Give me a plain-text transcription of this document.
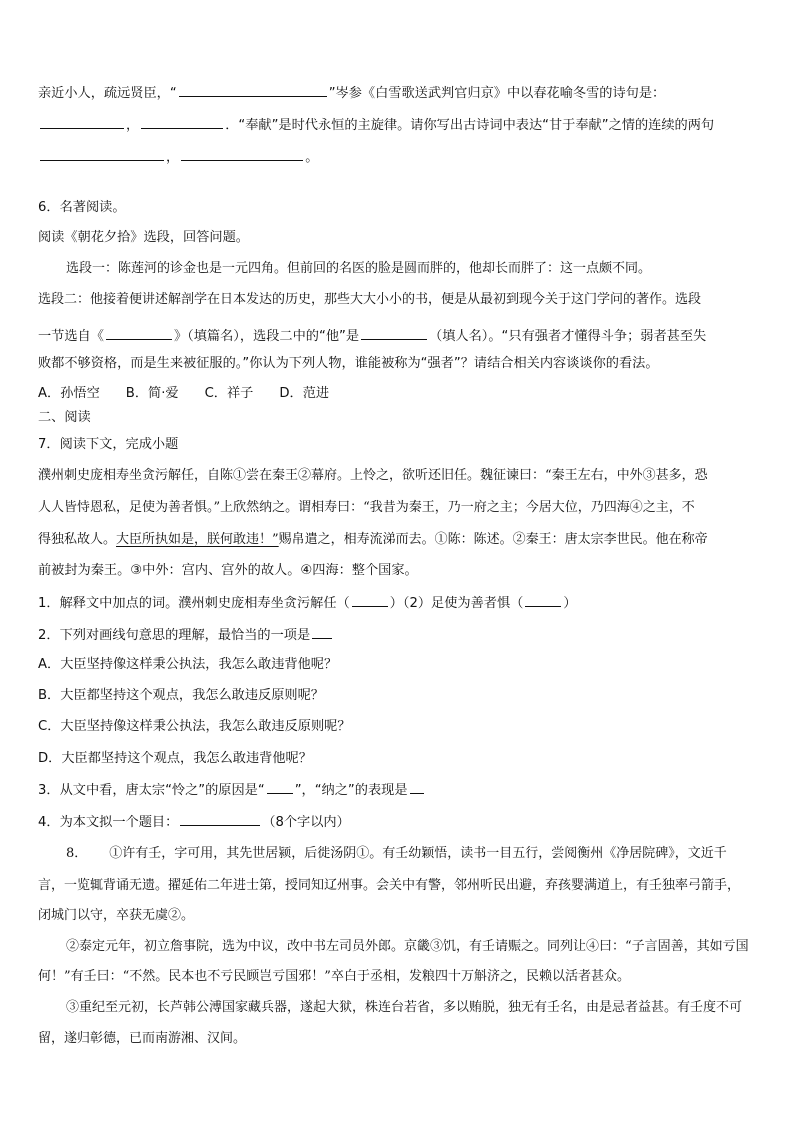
亲近小人，疏远贤臣，“	”岑参《白雪歌送武判官归京》中以春花喻冬雪的诗句是：
，	．“奉献”是时代永恒的主旋律。请你写出古诗词中表达“甘于奉献”之情的连续的两句
，	。
6．名著阅读。
阅读《朝花夕拾》选段，回答问题。
选段一：陈莲河的诊金也是一元四角。但前回的名医的脸是圆而胖的，他却长而胖了：这一点颇不同。
选段二：他接着便讲述解剖学在日本发达的历史，那些大大小小的书，便是从最初到现今关于这门学问的著作。选段
一节选自《	》（填篇名），选段二中的“他”是	（填人名）。“只有强者才懂得斗争；弱者甚至失
败都不够资格，而是生来被征服的。”你认为下列人物，谁能被称为“强者”？请结合相关内容谈谈你的看法。
A．孙悟空 B．简·爱 C．祥子 D．范进
二、阅读
7．阅读下文，完成小题
濮州刺史庞相寿坐贪污解任，自陈①尝在秦王②幕府。上怜之，欲听还旧任。魏征谏曰：“秦王左右，中外③甚多，恐
人人皆恃恩私，足使为善者惧。”上欣然纳之。谓相寿曰：“我昔为秦王，乃一府之主；今居大位，乃四海④之主，不
得独私故人。大臣所执如是，朕何敢违！”赐帛遣之，相寿流涕而去。①陈：陈述。②秦王：唐太宗李世民。他在称帝
前被封为秦王。③中外：宫内、宫外的故人。④四海：整个国家。
1．解释文中加点的词。濮州刺史庞相寿坐贪污解任（	）（2）足使为善者惧（	）
2．下列对画线句意思的理解，最恰当的一项是
A．大臣坚持像这样秉公执法，我怎么敢违背他呢？
B．大臣都坚持这个观点，我怎么敢违反原则呢？
C．大臣坚持像这样秉公执法，我怎么敢违反原则呢？
D．大臣都坚持这个观点，我怎么敢违背他呢？
3．从文中看，唐太宗“怜之”的原因是“ ”，“纳之”的表现是
4．为本文拟一个题目：	（8个字以内）
8． ①许有壬，字可用，其先世居颍，后徙汤阴①。有壬幼颖悟，读书一目五行，尝阅衡州《净居院碑》，文近千
言，一览辄背诵无遗。擢延佑二年进士第，授同知辽州事。会关中有警，邻州听民出避，弃孩婴满道上，有壬独率弓箭手，
闭城门以守，卒获无虞②。
②泰定元年，初立詹事院，选为中议，改中书左司员外郎。京畿③饥，有壬请赈之。同列让④曰：“子言固善，其如亏国
何！”有壬曰：“不然。民本也不亏民顾岂亏国邪！”卒白于丞相，发粮四十万斛济之，民赖以活者甚众。
③重纪至元初，长芦韩公溥国家藏兵器，遂起大狱，株连台若省，多以贿脱，独无有壬名，由是忌者益甚。有壬度不可
留，遂归彰德，已而南游湘、汉间。
